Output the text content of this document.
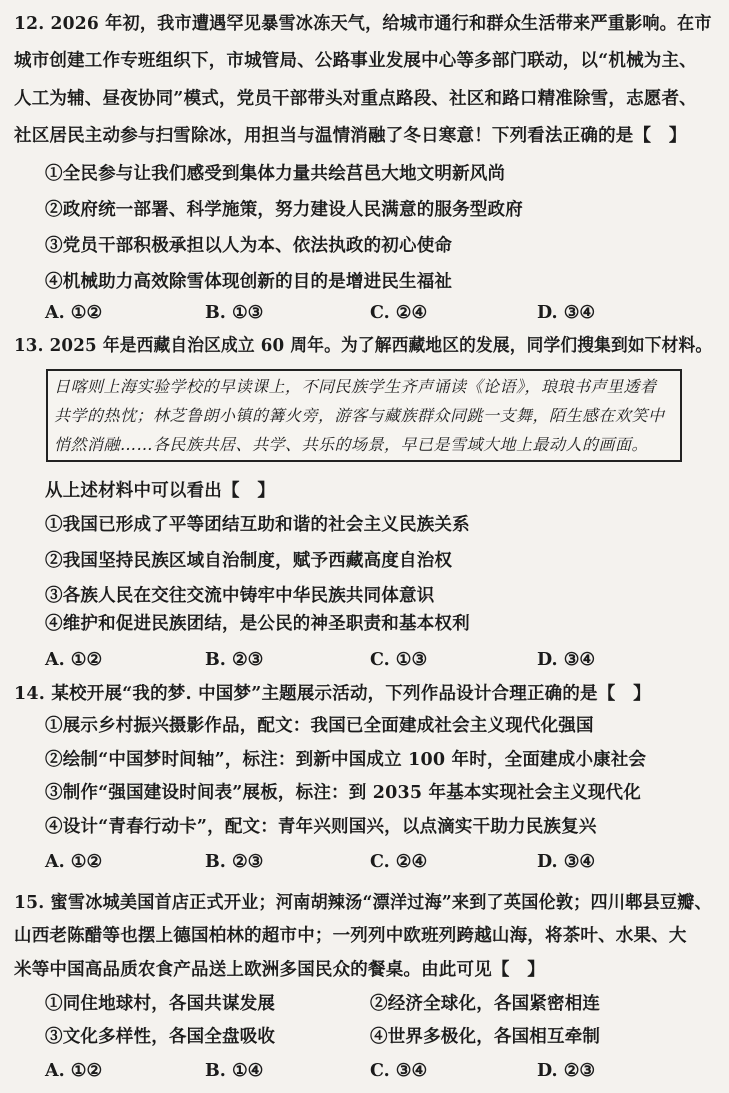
12. 2026 年初，我市遭遇罕见暴雪冰冻天气，给城市通行和群众生活带来严重影响。在市
城市创建工作专班组织下，市城管局、公路事业发展中心等多部门联动，以“机械为主、
人工为辅、昼夜协同”模式，党员干部带头对重点路段、社区和路口精准除雪，志愿者、
社区居民主动参与扫雪除冰，用担当与温情消融了冬日寒意！下列看法正确的是【　】
①全民参与让我们感受到集体力量共绘莒邑大地文明新风尚
②政府统一部署、科学施策，努力建设人民满意的服务型政府
③党员干部积极承担以人为本、依法执政的初心使命
④机械助力高效除雪体现创新的目的是增进民生福祉
A. ①②	B. ①③	C. ②④	D. ③④
13. 2025 年是西藏自治区成立 60 周年。为了解西藏地区的发展，同学们搜集到如下材料。
日喀则上海实验学校的早读课上，不同民族学生齐声诵读《论语》，琅琅书声里透着
共学的热忱；林芝鲁朗小镇的篝火旁，游客与藏族群众同跳一支舞，陌生感在欢笑中
悄然消融……各民族共居、共学、共乐的场景，早已是雪域大地上最动人的画面。
从上述材料中可以看出【　】
①我国已形成了平等团结互助和谐的社会主义民族关系
②我国坚持民族区域自治制度，赋予西藏高度自治权
③各族人民在交往交流中铸牢中华民族共同体意识
④维护和促进民族团结，是公民的神圣职责和基本权利
A. ①②	B. ②③	C. ①③	D. ③④
14. 某校开展“我的梦. 中国梦”主题展示活动，下列作品设计合理正确的是【　】
①展示乡村振兴摄影作品，配文：我国已全面建成社会主义现代化强国
②绘制“中国梦时间轴”，标注：到新中国成立 100 年时，全面建成小康社会
③制作“强国建设时间表”展板，标注：到 2035 年基本实现社会主义现代化
④设计“青春行动卡”，配文：青年兴则国兴，以点滴实干助力民族复兴
A. ①②	B. ②③	C. ②④	D. ③④
15. 蜜雪冰城美国首店正式开业；河南胡辣汤“漂洋过海”来到了英国伦敦；四川郫县豆瓣、
山西老陈醋等也摆上德国柏林的超市中；一列列中欧班列跨越山海，将茶叶、水果、大
米等中国高品质农食产品送上欧洲多国民众的餐桌。由此可见【　】
①同住地球村，各国共谋发展	②经济全球化，各国紧密相连
③文化多样性，各国全盘吸收	④世界多极化，各国相互牵制
A. ①②	B. ①④	C. ③④	D. ②③
